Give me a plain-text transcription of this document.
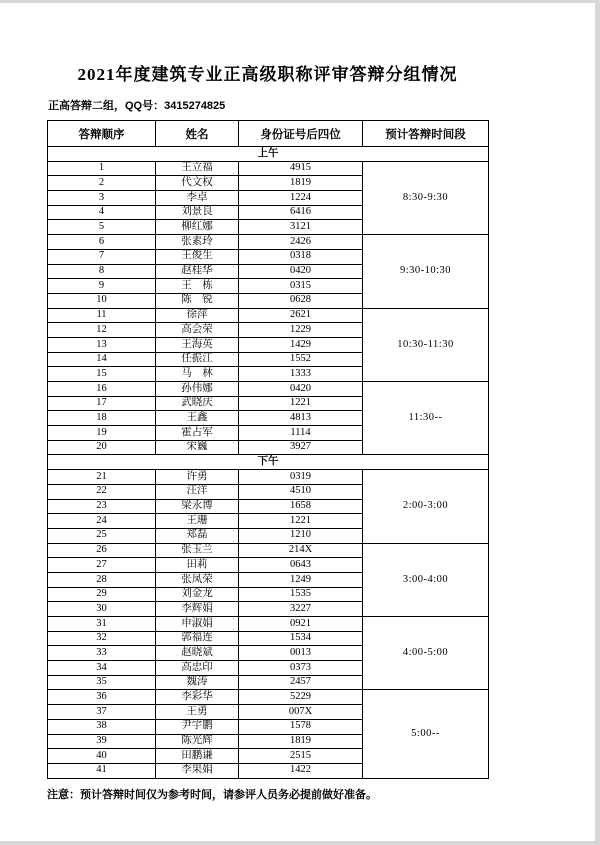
2021年度建筑专业正高级职称评审答辩分组情况
正高答辩二组，QQ号：3415274825
答辩顺序	姓名	身份证号后四位	预计答辩时间段
上午			
1	王立福	4915	8:30-9:30
2	代文权	1819	
3	李卓	1224	
4	刘景良	6416	
5	柳红娜	3121	
6	张素玲	2426	9:30-10:30
7	王俊生	0318	
8	赵桂华	0420	
9	王　栋	0315	
10	陈　锐	0628	
11	徐萍	2621	10:30-11:30
12	高会荣	1229	
13	王海英	1429	
14	任振江	1552	
15	马　林	1333	
16	孙伟娜	0420	11:30--
17	武晓庆	1221	
18	王鑫	4813	
19	霍占军	1114	
20	宋巍	3927	
下午			
21	许勇	0319	2:00-3:00
22	汪洋	4510	
23	梁永博	1658	
24	王珊	1221	
25	郑磊	1210	
26	张玉兰	214X	3:00-4:00
27	田莉	0643	
28	张凤荣	1249	
29	刘金龙	1535	
30	李辉娟	3227	
31	申淑娟	0921	4:00-5:00
32	郭福连	1534	
33	赵晓斌	0013	
34	高忠印	0373	
35	魏涛	2457	
36	李彩华	5229	5:00--
37	王勇	007X	
38	尹宇鹏	1578	
39	陈光辉	1819	
40	田鹏谦	2515	
41	李果娟	1422	
注意：预计答辩时间仅为参考时间，请参评人员务必提前做好准备。
